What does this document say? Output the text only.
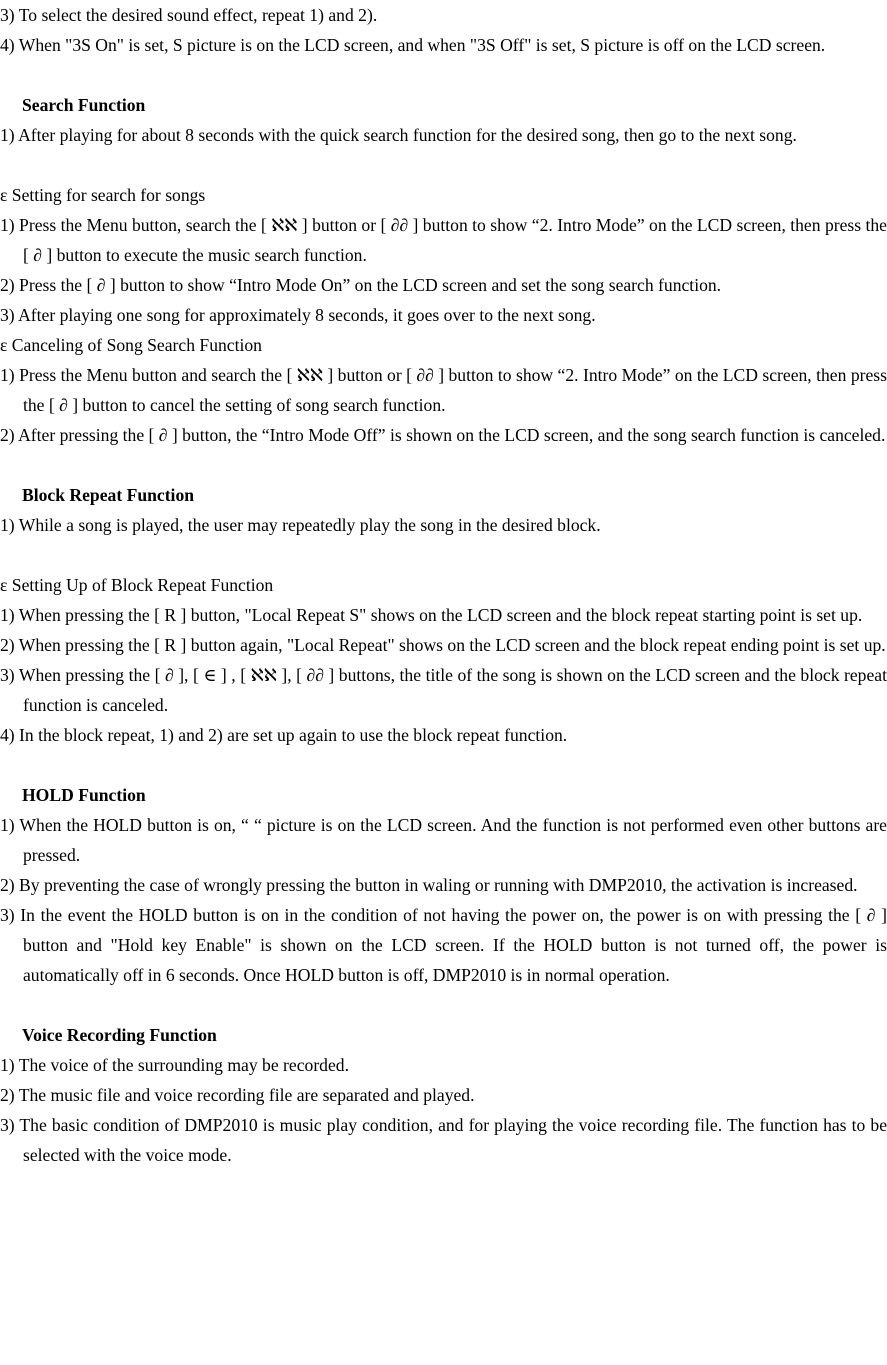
3) To select the desired sound effect, repeat 1) and 2).
4) When "3S On" is set, S picture is on the LCD screen, and when "3S Off" is set, S picture is off on the LCD screen.
Search Function
1) After playing for about 8 seconds with the quick search function for the desired song, then go to the next song.
ε Setting for search for songs
1) Press the Menu button, search the [ ℵℵ ] button or [ ∂∂ ] button to show “2. Intro Mode” on the LCD screen, then press the [ ∂ ] button to execute the music search function.
2) Press the [ ∂ ] button to show “Intro Mode On” on the LCD screen and set the song search function.
3) After playing one song for approximately 8 seconds, it goes over to the next song.
ε Canceling of Song Search Function
1) Press the Menu button and search the [ ℵℵ ] button or [ ∂∂ ] button to show “2. Intro Mode” on the LCD screen, then press the [ ∂ ] button to cancel the setting of song search function.
2) After pressing the [ ∂ ] button, the “Intro Mode Off” is shown on the LCD screen, and the song search function is canceled.
Block Repeat Function
1) While a song is played, the user may repeatedly play the song in the desired block.
ε Setting Up of Block Repeat Function
1) When pressing the [ R ] button, "Local Repeat S" shows on the LCD screen and the block repeat starting point is set up.
2) When pressing the [ R ] button again, "Local Repeat" shows on the LCD screen and the block repeat ending point is set up.
3) When pressing the [ ∂ ], [ ∈ ] , [ ℵℵ ], [ ∂∂ ] buttons, the title of the song is shown on the LCD screen and the block repeat function is canceled.
4) In the block repeat, 1) and 2) are set up again to use the block repeat function.
HOLD Function
1) When the HOLD button is on, “ “ picture is on the LCD screen. And the function is not performed even other buttons are pressed.
2) By preventing the case of wrongly pressing the button in waling or running with DMP2010, the activation is increased.
3) In the event the HOLD button is on in the condition of not having the power on, the power is on with pressing the [ ∂ ] button and "Hold key Enable" is shown on the LCD screen. If the HOLD button is not turned off, the power is automatically off in 6 seconds. Once HOLD button is off, DMP2010 is in normal operation.
Voice Recording Function
1) The voice of the surrounding may be recorded.
2) The music file and voice recording file are separated and played.
3) The basic condition of DMP2010 is music play condition, and for playing the voice recording file. The function has to be selected with the voice mode.
